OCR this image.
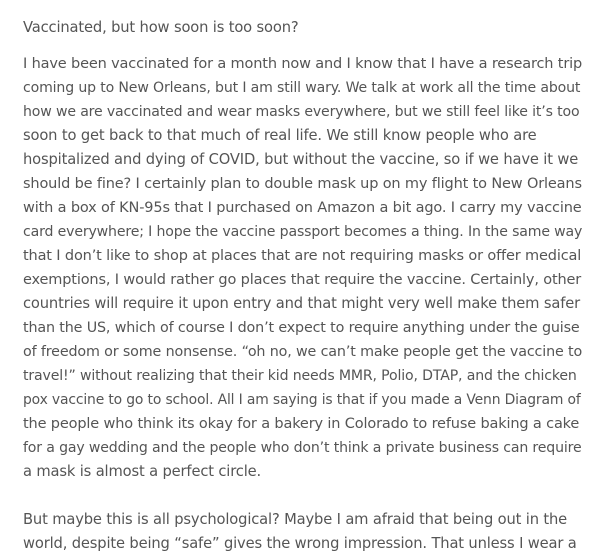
Vaccinated, but how soon is too soon?
I have been vaccinated for a month now and I know that I have a research trip
coming up to New Orleans, but I am still wary. We talk at work all the time about
how we are vaccinated and wear masks everywhere, but we still feel like it’s too
soon to get back to that much of real life. We still know people who are
hospitalized and dying of COVID, but without the vaccine, so if we have it we
should be fine? I certainly plan to double mask up on my flight to New Orleans
with a box of KN-95s that I purchased on Amazon a bit ago. I carry my vaccine
card everywhere; I hope the vaccine passport becomes a thing. In the same way
that I don’t like to shop at places that are not requiring masks or offer medical
exemptions, I would rather go places that require the vaccine. Certainly, other
countries will require it upon entry and that might very well make them safer
than the US, which of course I don’t expect to require anything under the guise
of freedom or some nonsense. “oh no, we can’t make people get the vaccine to
travel!” without realizing that their kid needs MMR, Polio, DTAP, and the chicken
pox vaccine to go to school. All I am saying is that if you made a Venn Diagram of
the people who think its okay for a bakery in Colorado to refuse baking a cake
for a gay wedding and the people who don’t think a private business can require
a mask is almost a perfect circle.
But maybe this is all psychological? Maybe I am afraid that being out in the
world, despite being “safe” gives the wrong impression. That unless I wear a
